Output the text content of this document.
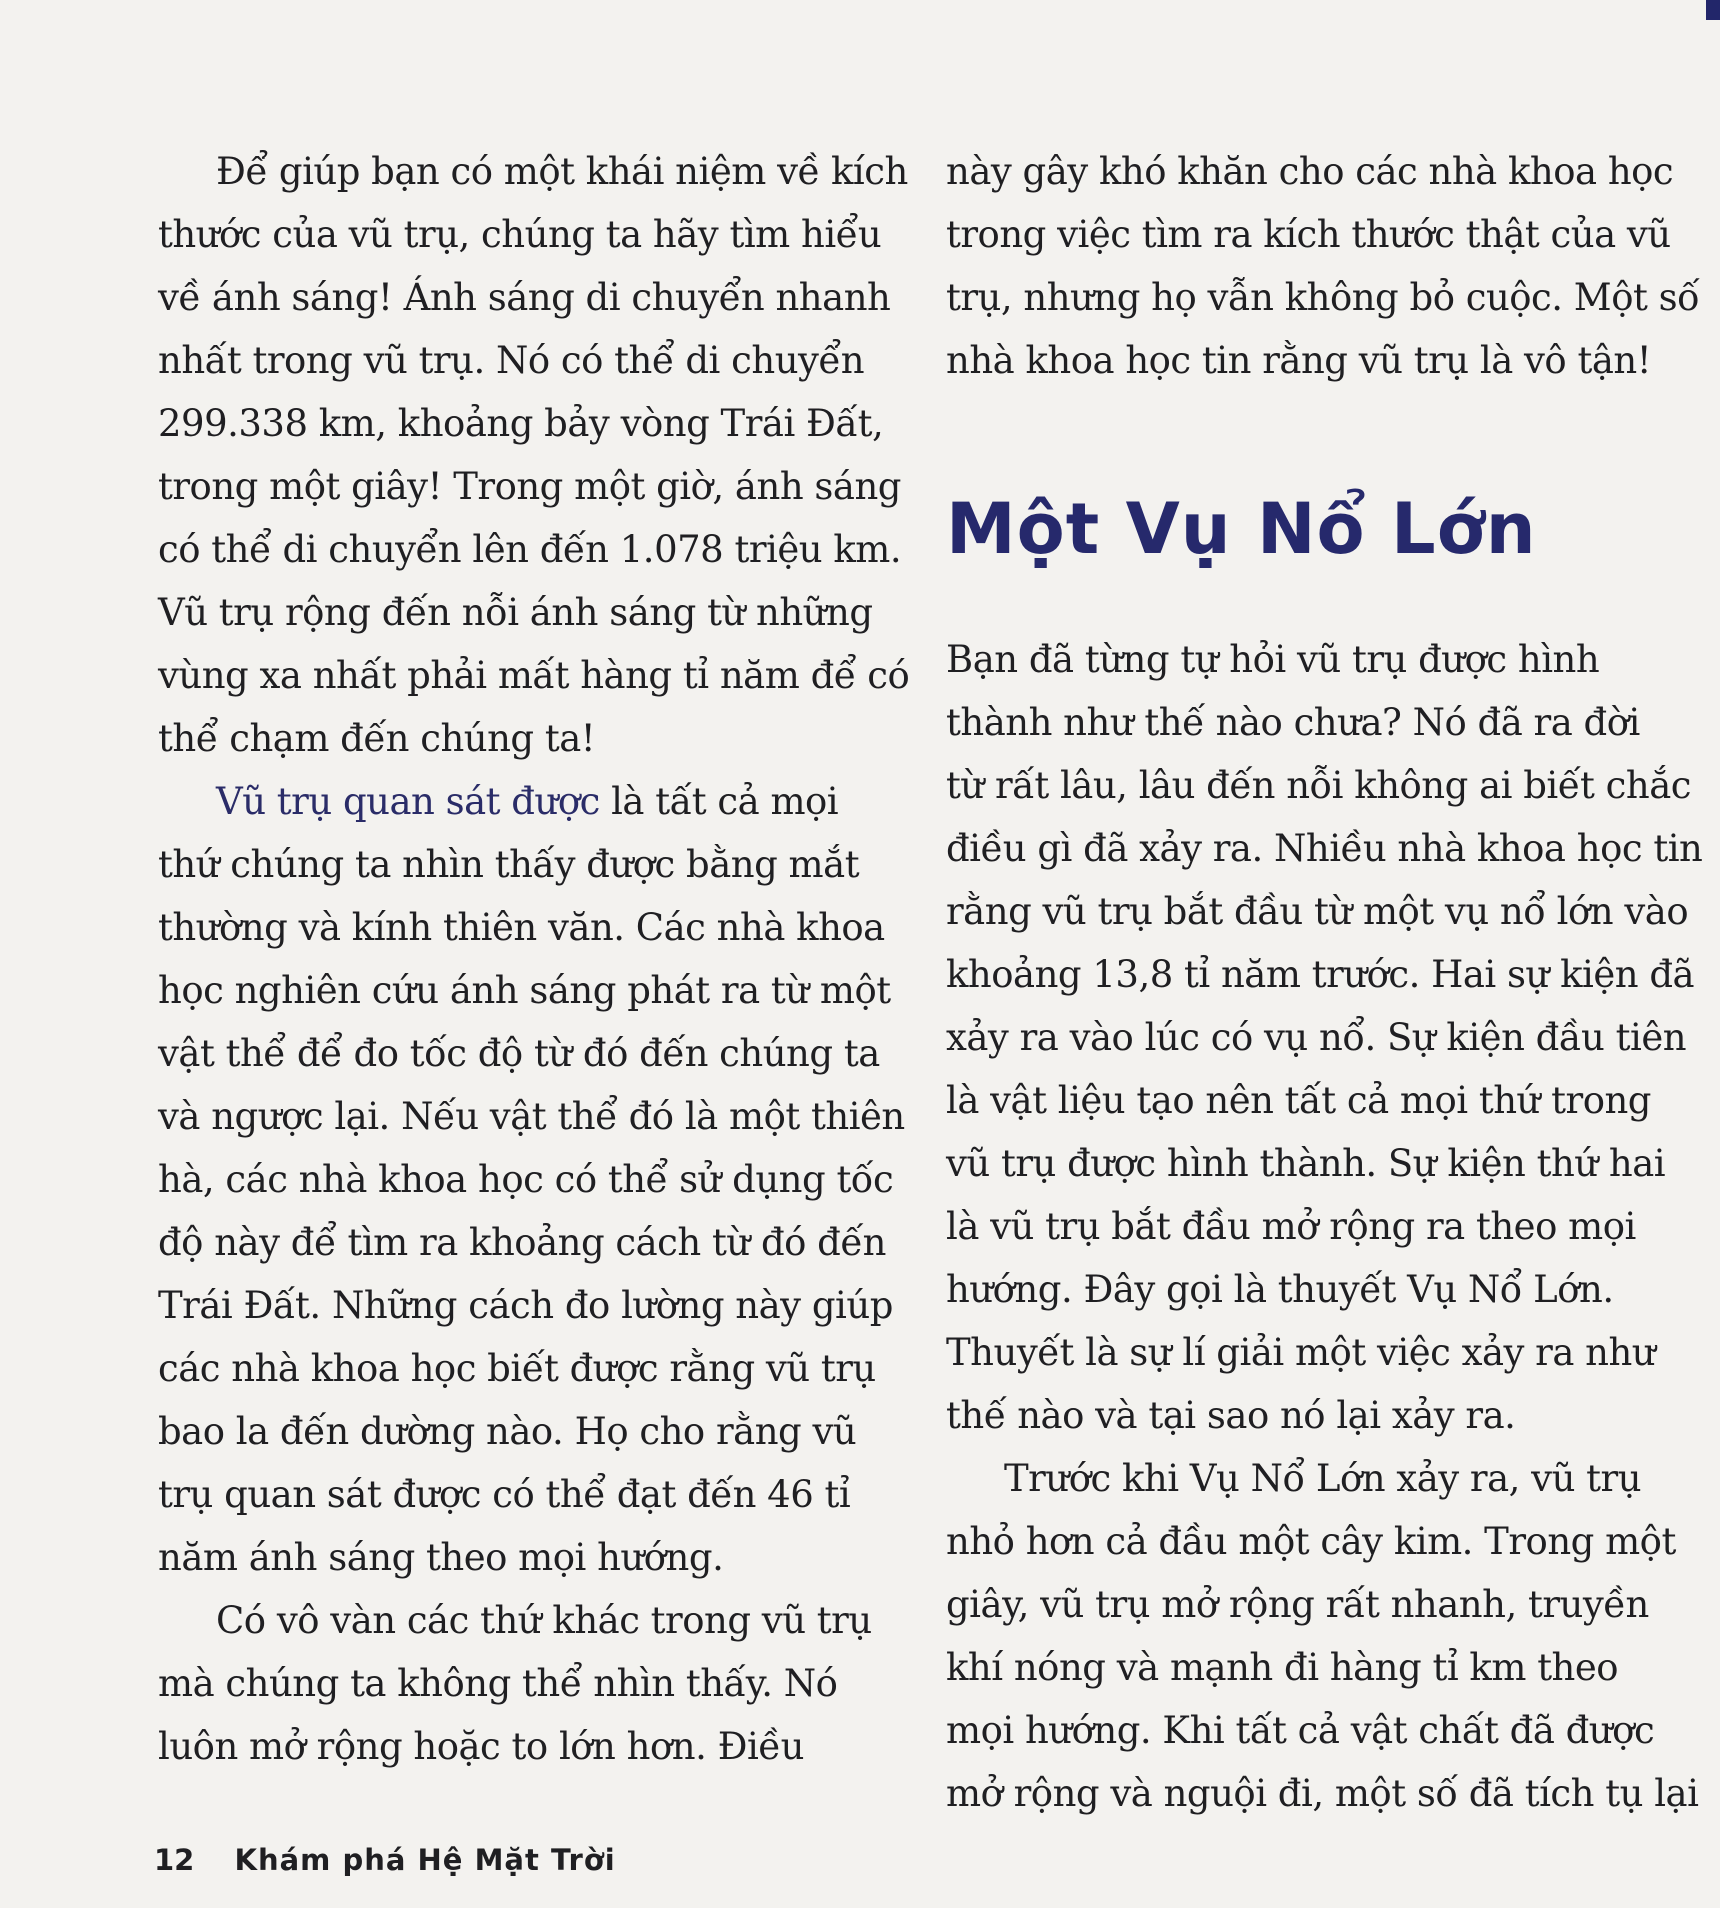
Để giúp bạn có một khái niệm về kích
thước của vũ trụ, chúng ta hãy tìm hiểu
về ánh sáng! Ánh sáng di chuyển nhanh
nhất trong vũ trụ. Nó có thể di chuyển
299.338 km, khoảng bảy vòng Trái Đất,
trong một giây! Trong một giờ, ánh sáng
có thể di chuyển lên đến 1.078 triệu km.
Vũ trụ rộng đến nỗi ánh sáng từ những
vùng xa nhất phải mất hàng tỉ năm để có
thể chạm đến chúng ta!

Vũ trụ quan sát được là tất cả mọi
thứ chúng ta nhìn thấy được bằng mắt
thường và kính thiên văn. Các nhà khoa
học nghiên cứu ánh sáng phát ra từ một
vật thể để đo tốc độ từ đó đến chúng ta
và ngược lại. Nếu vật thể đó là một thiên
hà, các nhà khoa học có thể sử dụng tốc
độ này để tìm ra khoảng cách từ đó đến
Trái Đất. Những cách đo lường này giúp
các nhà khoa học biết được rằng vũ trụ
bao la đến dường nào. Họ cho rằng vũ
trụ quan sát được có thể đạt đến 46 tỉ
năm ánh sáng theo mọi hướng.

Có vô vàn các thứ khác trong vũ trụ
mà chúng ta không thể nhìn thấy. Nó
luôn mở rộng hoặc to lớn hơn. Điều

này gây khó khăn cho các nhà khoa học
trong việc tìm ra kích thước thật của vũ
trụ, nhưng họ vẫn không bỏ cuộc. Một số
nhà khoa học tin rằng vũ trụ là vô tận!

Một Vụ Nổ Lớn

Bạn đã từng tự hỏi vũ trụ được hình
thành như thế nào chưa? Nó đã ra đời
từ rất lâu, lâu đến nỗi không ai biết chắc
điều gì đã xảy ra. Nhiều nhà khoa học tin
rằng vũ trụ bắt đầu từ một vụ nổ lớn vào
khoảng 13,8 tỉ năm trước. Hai sự kiện đã
xảy ra vào lúc có vụ nổ. Sự kiện đầu tiên
là vật liệu tạo nên tất cả mọi thứ trong
vũ trụ được hình thành. Sự kiện thứ hai
là vũ trụ bắt đầu mở rộng ra theo mọi
hướng. Đây gọi là thuyết Vụ Nổ Lớn.
Thuyết là sự lí giải một việc xảy ra như
thế nào và tại sao nó lại xảy ra.

Trước khi Vụ Nổ Lớn xảy ra, vũ trụ
nhỏ hơn cả đầu một cây kim. Trong một
giây, vũ trụ mở rộng rất nhanh, truyền
khí nóng và mạnh đi hàng tỉ km theo
mọi hướng. Khi tất cả vật chất đã được
mở rộng và nguội đi, một số đã tích tụ lại

12 Khám phá Hệ Mặt Trời
